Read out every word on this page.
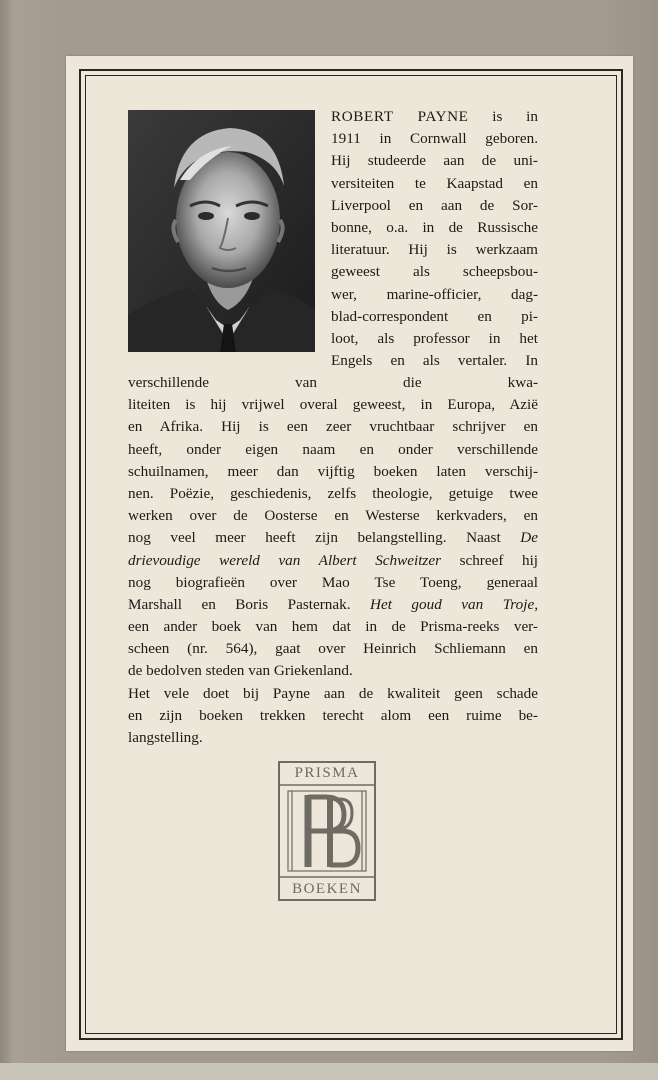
ROBERT PAYNE is in
1911 in Cornwall geboren.
Hij studeerde aan de uni-
versiteiten te Kaapstad en
Liverpool en aan de Sor-
bonne, o.a. in de Russische
literatuur. Hij is werkzaam
geweest als scheepsbou-
wer, marine-officier, dag-
blad-correspondent en pi-
loot, als professor in het
Engels en als vertaler. In
verschillende van die kwa-
liteiten is hij vrijwel overal geweest, in Europa, Azië
en Afrika. Hij is een zeer vruchtbaar schrijver en
heeft, onder eigen naam en onder verschillende
schuilnamen, meer dan vijftig boeken laten verschij-
nen. Poëzie, geschiedenis, zelfs theologie, getuige twee
werken over de Oosterse en Westerse kerkvaders, en
nog veel meer heeft zijn belangstelling. Naast De
drievoudige wereld van Albert Schweitzer schreef hij
nog biografieën over Mao Tse Toeng, generaal
Marshall en Boris Pasternak. Het goud van Troje,
een ander boek van hem dat in de Prisma-reeks ver-
scheen (nr. 564), gaat over Heinrich Schliemann en
de bedolven steden van Griekenland.
Het vele doet bij Payne aan de kwaliteit geen schade
en zijn boeken trekken terecht alom een ruime be-
langstelling.
PRISMA
BOEKEN
